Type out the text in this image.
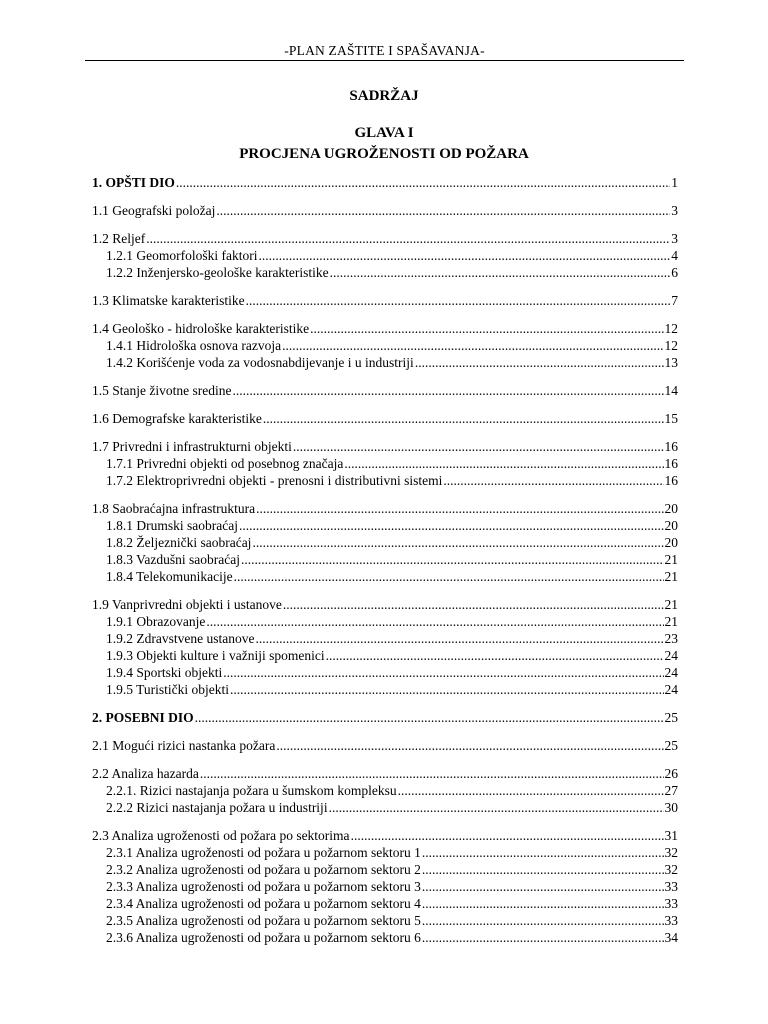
-PLAN ZAŠTITE I SPAŠAVANJA-
SADRŽAJ
GLAVA I
PROCJENA UGROŽENOSTI OD POŽARA
1. OPŠTI DIO .....	1
1.1 Geografski položaj .....	3
1.2 Reljef .....	3
1.2.1 Geomorfološki faktori .....	4
1.2.2 Inženjersko-geološke karakteristike .....	6
1.3 Klimatske karakteristike .....	7
1.4 Geološko - hidrološke karakteristike .....	12
1.4.1 Hidrološka osnova razvoja .....	12
1.4.2 Korišćenje voda za vodosnabdijevanje i u industriji .....	13
1.5 Stanje životne sredine .....	14
1.6 Demografske karakteristike .....	15
1.7 Privredni i infrastrukturni objekti .....	16
1.7.1 Privredni objekti od posebnog značaja .....	16
1.7.2 Elektroprivredni objekti - prenosni i distributivni sistemi .....	16
1.8 Saobraćajna infrastruktura .....	20
1.8.1 Drumski saobraćaj .....	20
1.8.2 Željeznički saobraćaj .....	20
1.8.3 Vazdušni saobraćaj .....	21
1.8.4 Telekomunikacije .....	21
1.9 Vanprivredni objekti i ustanove .....	21
1.9.1 Obrazovanje .....	21
1.9.2 Zdravstvene ustanove .....	23
1.9.3 Objekti kulture i važniji spomenici .....	24
1.9.4 Sportski objekti .....	24
1.9.5 Turistički objekti .....	24
2. POSEBNI DIO .....	25
2.1 Mogući rizici nastanka požara .....	25
2.2 Analiza hazarda .....	26
2.2.1. Rizici nastajanja požara u šumskom kompleksu .....	27
2.2.2 Rizici nastajanja požara u industriji .....	30
2.3 Analiza ugroženosti od požara po sektorima .....	31
2.3.1 Analiza ugroženosti od požara u požarnom sektoru 1 .....	32
2.3.2 Analiza ugroženosti od požara u požarnom sektoru 2 .....	32
2.3.3 Analiza ugroženosti od požara u požarnom sektoru 3 .....	33
2.3.4 Analiza ugroženosti od požara u požarnom sektoru 4 .....	33
2.3.5 Analiza ugroženosti od požara u požarnom sektoru 5 .....	33
2.3.6 Analiza ugroženosti od požara u požarnom sektoru 6 .....	34
